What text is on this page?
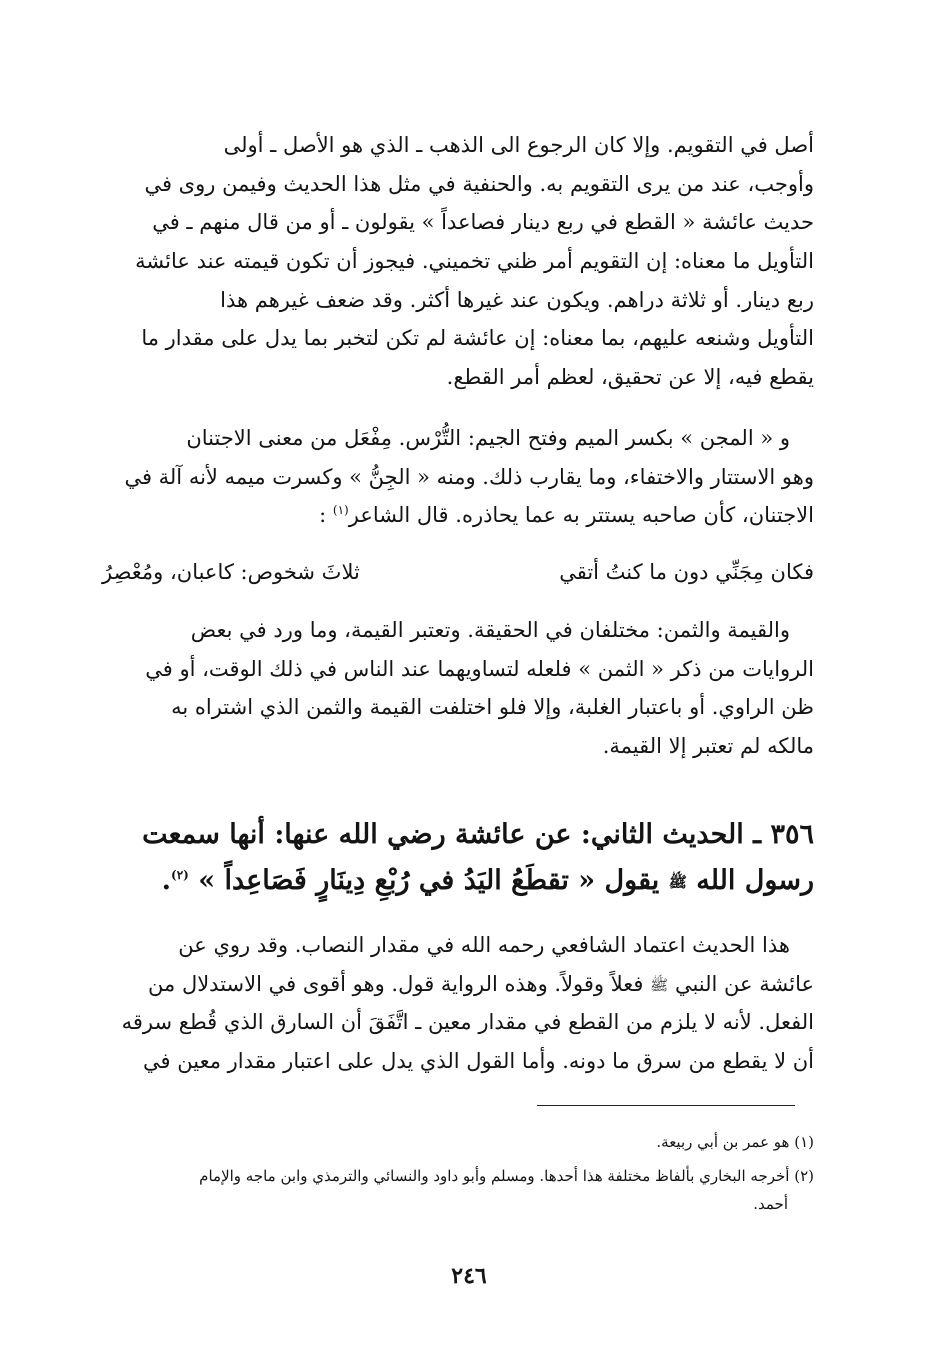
أصل في التقويم. وإلا كان الرجوع الى الذهب ـ الذي هو الأصل ـ أولى
وأوجب، عند من يرى التقويم به. والحنفية في مثل هذا الحديث وفيمن روى في
حديث عائشة « القطع في ربع دينار فصاعداً » يقولون ـ أو من قال منهم ـ في
التأويل ما معناه: إن التقويم أمر ظني تخميني. فيجوز أن تكون قيمته عند عائشة
ربع دينار. أو ثلاثة دراهم. ويكون عند غيرها أكثر. وقد ضعف غيرهم هذا
التأويل وشنعه عليهم، بما معناه: إن عائشة لم تكن لتخبر بما يدل على مقدار ما
يقطع فيه، إلا عن تحقيق، لعظم أمر القطع.
و « المجن » بكسر الميم وفتح الجيم: التُّرْس. مِفْعَل من معنى الاجتنان
وهو الاستتار والاختفاء، وما يقارب ذلك. ومنه « الجِنُّ » وكسرت ميمه لأنه آلة في
الاجتنان، كأن صاحبه يستتر به عما يحاذره. قال الشاعر$^{(١)}$ :
فكان مِجَنِّي دون ما كنتُ أتقي
ثلاثَ شخوص: كاعبان، ومُعْصِرُ
والقيمة والثمن: مختلفان في الحقيقة. وتعتبر القيمة، وما ورد في بعض
الروايات من ذكر « الثمن » فلعله لتساويهما عند الناس في ذلك الوقت، أو في
ظن الراوي. أو باعتبار الغلبة، وإلا فلو اختلفت القيمة والثمن الذي اشتراه به
مالكه لم تعتبر إلا القيمة.
٣٥٦ ـ الحديث الثاني: عن عائشة رضي الله عنها: أنها سمعت
رسول الله ﷺ يقول « تقطَعُ اليَدُ في رُبْعِ دِينَارٍ فَصَاعِداً » $^{(٢)}$.
هذا الحديث اعتماد الشافعي رحمه الله في مقدار النصاب. وقد روي عن
عائشة عن النبي ﷺ فعلاً وقولاً. وهذه الرواية قول. وهو أقوى في الاستدلال من
الفعل. لأنه لا يلزم من القطع في مقدار معين ـ اتَّفَقَ أن السارق الذي قُطع سرقه
أن لا يقطع من سرق ما دونه. وأما القول الذي يدل على اعتبار مقدار معين في
(١) هو عمر بن أبي ربيعة.
(٢) أخرجه البخاري بألفاظ مختلفة هذا أحدها. ومسلم وأبو داود والنسائي والترمذي وابن ماجه والإمام
أحمد.
٢٤٦
